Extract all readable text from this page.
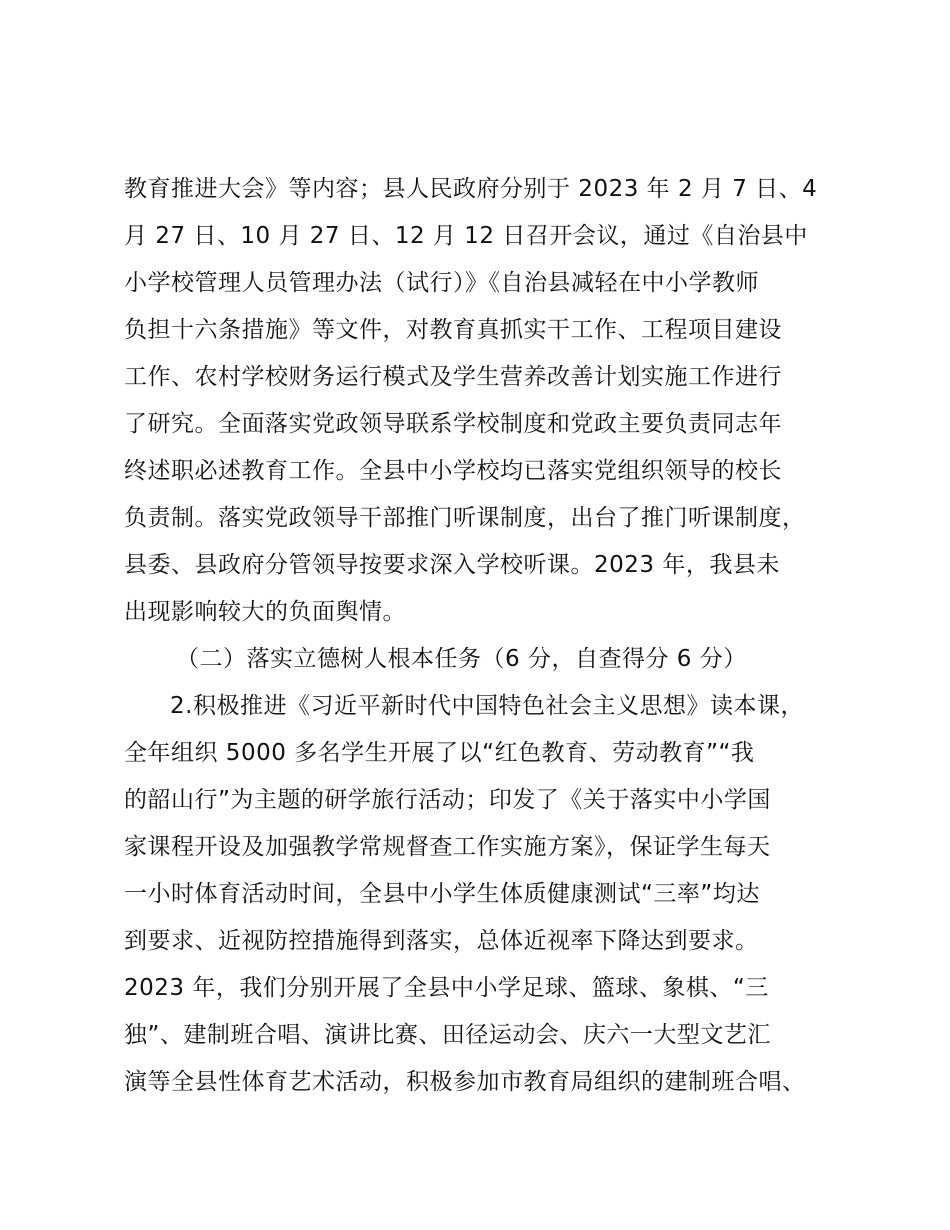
教育推进大会》等内容；县人民政府分别于 2023 年 2 月 7 日、4
月 27 日、10 月 27 日、12 月 12 日召开会议，通过《自治县中
小学校管理人员管理办法（试行）》《自治县减轻在中小学教师
负担十六条措施》等文件，对教育真抓实干工作、工程项目建设
工作、农村学校财务运行模式及学生营养改善计划实施工作进行
了研究。全面落实党政领导联系学校制度和党政主要负责同志年
终述职必述教育工作。全县中小学校均已落实党组织领导的校长
负责制。落实党政领导干部推门听课制度，出台了推门听课制度，
县委、县政府分管领导按要求深入学校听课。2023 年，我县未
出现影响较大的负面舆情。
（二）落实立德树人根本任务（6 分，自查得分 6 分）
2.积极推进《习近平新时代中国特色社会主义思想》读本课，
全年组织 5000 多名学生开展了以“红色教育、劳动教育”“我
的韶山行”为主题的研学旅行活动；印发了《关于落实中小学国
家课程开设及加强教学常规督查工作实施方案》，保证学生每天
一小时体育活动时间，全县中小学生体质健康测试“三率”均达
到要求、近视防控措施得到落实，总体近视率下降达到要求。
2023 年，我们分别开展了全县中小学足球、篮球、象棋、“三
独”、建制班合唱、演讲比赛、田径运动会、庆六一大型文艺汇
演等全县性体育艺术活动，积极参加市教育局组织的建制班合唱、
